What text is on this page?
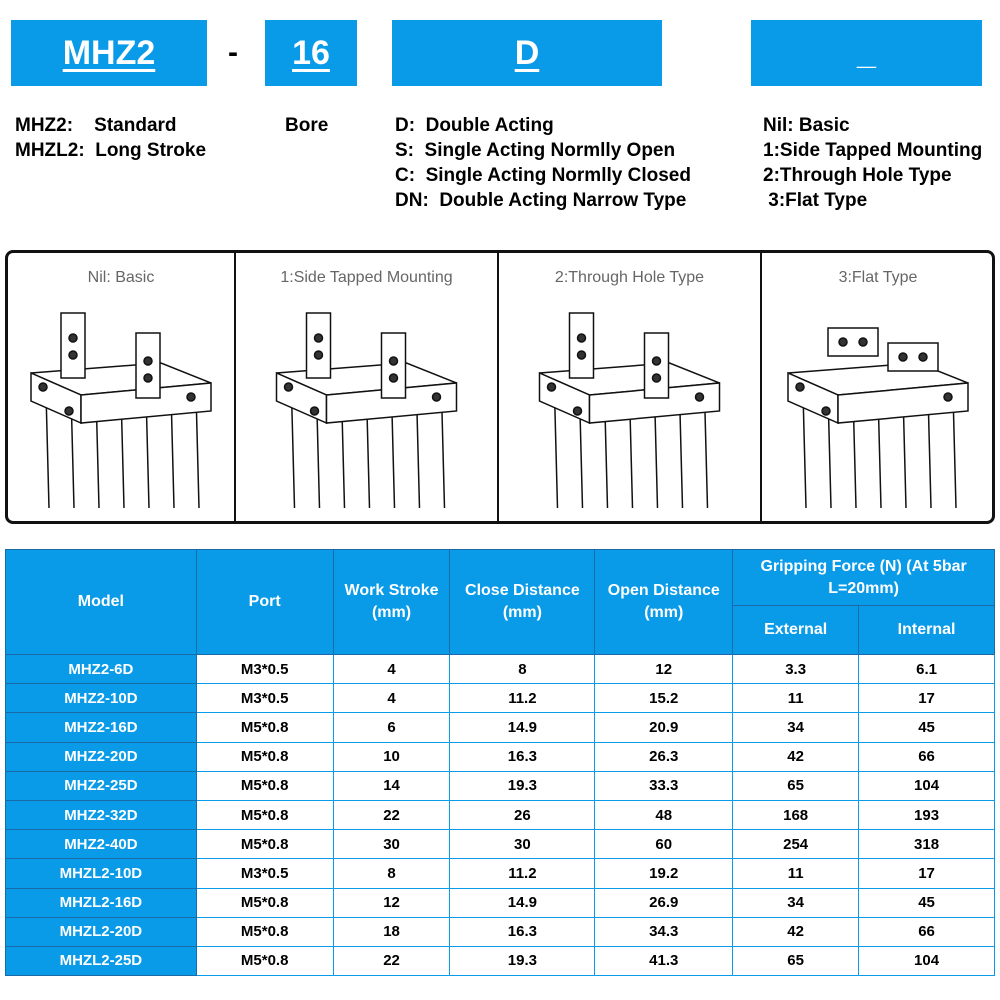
MHZ2 - 16	D	_
MHZ2:    Standard
MHZL2:  Long Stroke
Bore	D:  Double Acting
S:  Single Acting Normlly Open
C:  Single Acting Normlly Closed
DN:  Double Acting Narrow Type
Nil: Basic
1:Side Tapped Mounting
2:Through Hole Type
3:Flat Type
Nil: Basic	1:Side Tapped Mounting	2:Through Hole Type	3:Flat Type
Model	Port	Work Stroke (mm)	Close Distance (mm)	Open Distance (mm)	Gripping Force (N) (At 5bar L=20mm)	
					External	Internal
MHZ2-6D	M3*0.5	4	8	12	3.3	6.1
MHZ2-10D	M3*0.5	4	11.2	15.2	11	17
MHZ2-16D	M5*0.8	6	14.9	20.9	34	45
MHZ2-20D	M5*0.8	10	16.3	26.3	42	66
MHZ2-25D	M5*0.8	14	19.3	33.3	65	104
MHZ2-32D	M5*0.8	22	26	48	168	193
MHZ2-40D	M5*0.8	30	30	60	254	318
MHZL2-10D	M3*0.5	8	11.2	19.2	11	17
MHZL2-16D	M5*0.8	12	14.9	26.9	34	45
MHZL2-20D	M5*0.8	18	16.3	34.3	42	66
MHZL2-25D	M5*0.8	22	19.3	41.3	65	104
